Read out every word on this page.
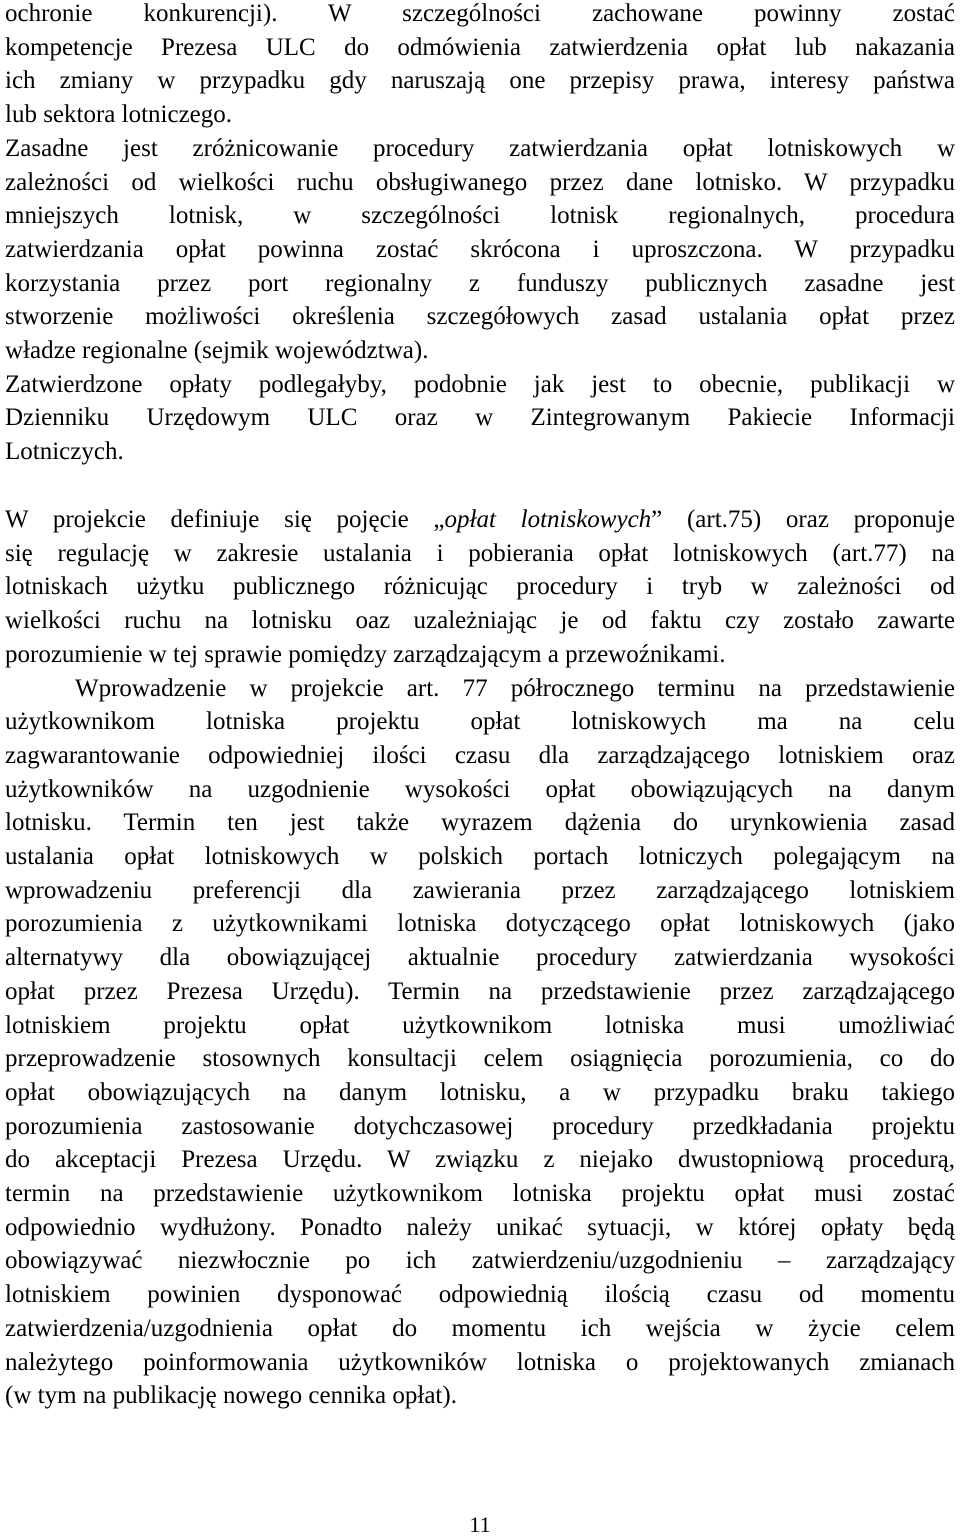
ochronie konkurencji). W szczególności zachowane powinny zostać
kompetencje Prezesa ULC do odmówienia zatwierdzenia opłat lub nakazania
ich zmiany w przypadku gdy naruszają one przepisy prawa, interesy państwa
lub sektora lotniczego.
Zasadne jest zróżnicowanie procedury zatwierdzania opłat lotniskowych w
zależności od wielkości ruchu obsługiwanego przez dane lotnisko. W przypadku
mniejszych lotnisk, w szczególności lotnisk regionalnych, procedura
zatwierdzania opłat powinna zostać skrócona i uproszczona. W przypadku
korzystania przez port regionalny z funduszy publicznych zasadne jest
stworzenie możliwości określenia szczegółowych zasad ustalania opłat przez
władze regionalne (sejmik województwa).
Zatwierdzone opłaty podlegałyby, podobnie jak jest to obecnie, publikacji w
Dzienniku Urzędowym ULC oraz w Zintegrowanym Pakiecie Informacji
Lotniczych.
W projekcie definiuje się pojęcie „opłat lotniskowych” (art.75) oraz proponuje
się regulację w zakresie ustalania i pobierania opłat lotniskowych (art.77) na
lotniskach użytku publicznego różnicując procedury i tryb w zależności od
wielkości ruchu na lotnisku oaz uzależniając je od faktu czy zostało zawarte
porozumienie w tej sprawie pomiędzy zarządzającym a przewoźnikami.
Wprowadzenie w projekcie art. 77 półrocznego terminu na przedstawienie
użytkownikom lotniska projektu opłat lotniskowych ma na celu
zagwarantowanie odpowiedniej ilości czasu dla zarządzającego lotniskiem oraz
użytkowników na uzgodnienie wysokości opłat obowiązujących na danym
lotnisku. Termin ten jest także wyrazem dążenia do urynkowienia zasad
ustalania opłat lotniskowych w polskich portach lotniczych polegającym na
wprowadzeniu preferencji dla zawierania przez zarządzającego lotniskiem
porozumienia z użytkownikami lotniska dotyczącego opłat lotniskowych (jako
alternatywy dla obowiązującej aktualnie procedury zatwierdzania wysokości
opłat przez Prezesa Urzędu). Termin na przedstawienie przez zarządzającego
lotniskiem projektu opłat użytkownikom lotniska musi umożliwiać
przeprowadzenie stosownych konsultacji celem osiągnięcia porozumienia, co do
opłat obowiązujących na danym lotnisku, a w przypadku braku takiego
porozumienia zastosowanie dotychczasowej procedury przedkładania projektu
do akceptacji Prezesa Urzędu. W związku z niejako dwustopniową procedurą,
termin na przedstawienie użytkownikom lotniska projektu opłat musi zostać
odpowiednio wydłużony. Ponadto należy unikać sytuacji, w której opłaty będą
obowiązywać niezwłocznie po ich zatwierdzeniu/uzgodnieniu – zarządzający
lotniskiem powinien dysponować odpowiednią ilością czasu od momentu
zatwierdzenia/uzgodnienia opłat do momentu ich wejścia w życie celem
należytego poinformowania użytkowników lotniska o projektowanych zmianach
(w tym na publikację nowego cennika opłat).
11
